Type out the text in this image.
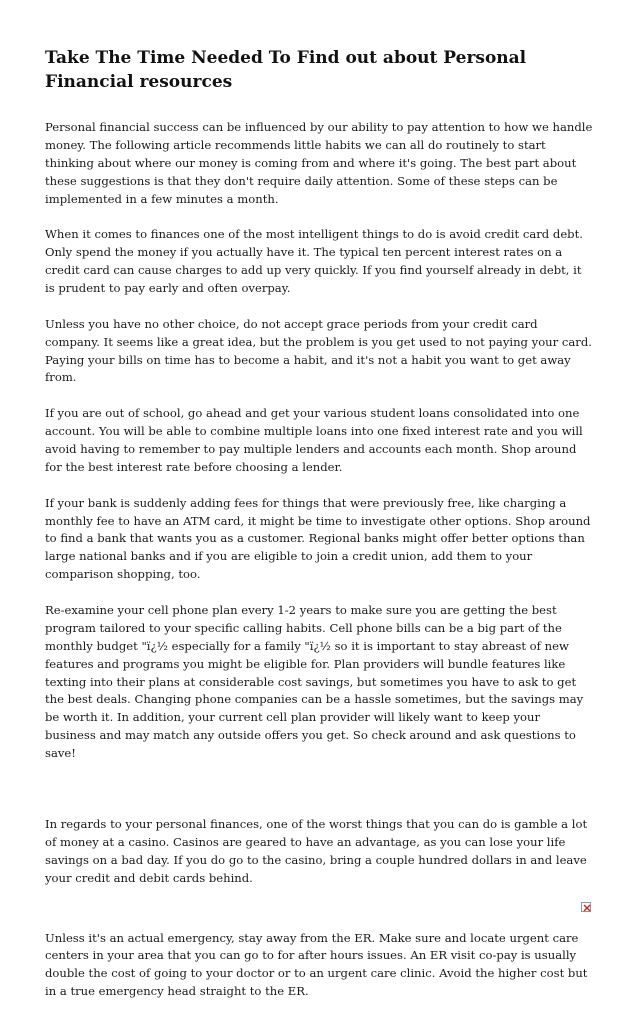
Take The Time Needed To Find out about Personal Financial resources

Personal financial success can be influenced by our ability to pay attention to how we handle money. The following article recommends little habits we can all do routinely to start thinking about where our money is coming from and where it's going. The best part about these suggestions is that they don't require daily attention. Some of these steps can be implemented in a few minutes a month.

When it comes to finances one of the most intelligent things to do is avoid credit card debt. Only spend the money if you actually have it. The typical ten percent interest rates on a credit card can cause charges to add up very quickly. If you find yourself already in debt, it is prudent to pay early and often overpay.

Unless you have no other choice, do not accept grace periods from your credit card company. It seems like a great idea, but the problem is you get used to not paying your card. Paying your bills on time has to become a habit, and it's not a habit you want to get away from.

If you are out of school, go ahead and get your various student loans consolidated into one account. You will be able to combine multiple loans into one fixed interest rate and you will avoid having to remember to pay multiple lenders and accounts each month. Shop around for the best interest rate before choosing a lender.

If your bank is suddenly adding fees for things that were previously free, like charging a monthly fee to have an ATM card, it might be time to investigate other options. Shop around to find a bank that wants you as a customer. Regional banks might offer better options than large national banks and if you are eligible to join a credit union, add them to your comparison shopping, too.

Re-examine your cell phone plan every 1-2 years to make sure you are getting the best program tailored to your specific calling habits. Cell phone bills can be a big part of the monthly budget "ï¿½ especially for a family "ï¿½ so it is important to stay abreast of new features and programs you might be eligible for. Plan providers will bundle features like texting into their plans at considerable cost savings, but sometimes you have to ask to get the best deals. Changing phone companies can be a hassle sometimes, but the savings may be worth it. In addition, your current cell plan provider will likely want to keep your business and may match any outside offers you get. So check around and ask questions to save!

In regards to your personal finances, one of the worst things that you can do is gamble a lot of money at a casino. Casinos are geared to have an advantage, as you can lose your life savings on a bad day. If you do go to the casino, bring a couple hundred dollars in and leave your credit and debit cards behind.

Unless it's an actual emergency, stay away from the ER. Make sure and locate urgent care centers in your area that you can go to for after hours issues. An ER visit co-pay is usually double the cost of going to your doctor or to an urgent care clinic. Avoid the higher cost but in a true emergency head straight to the ER.
